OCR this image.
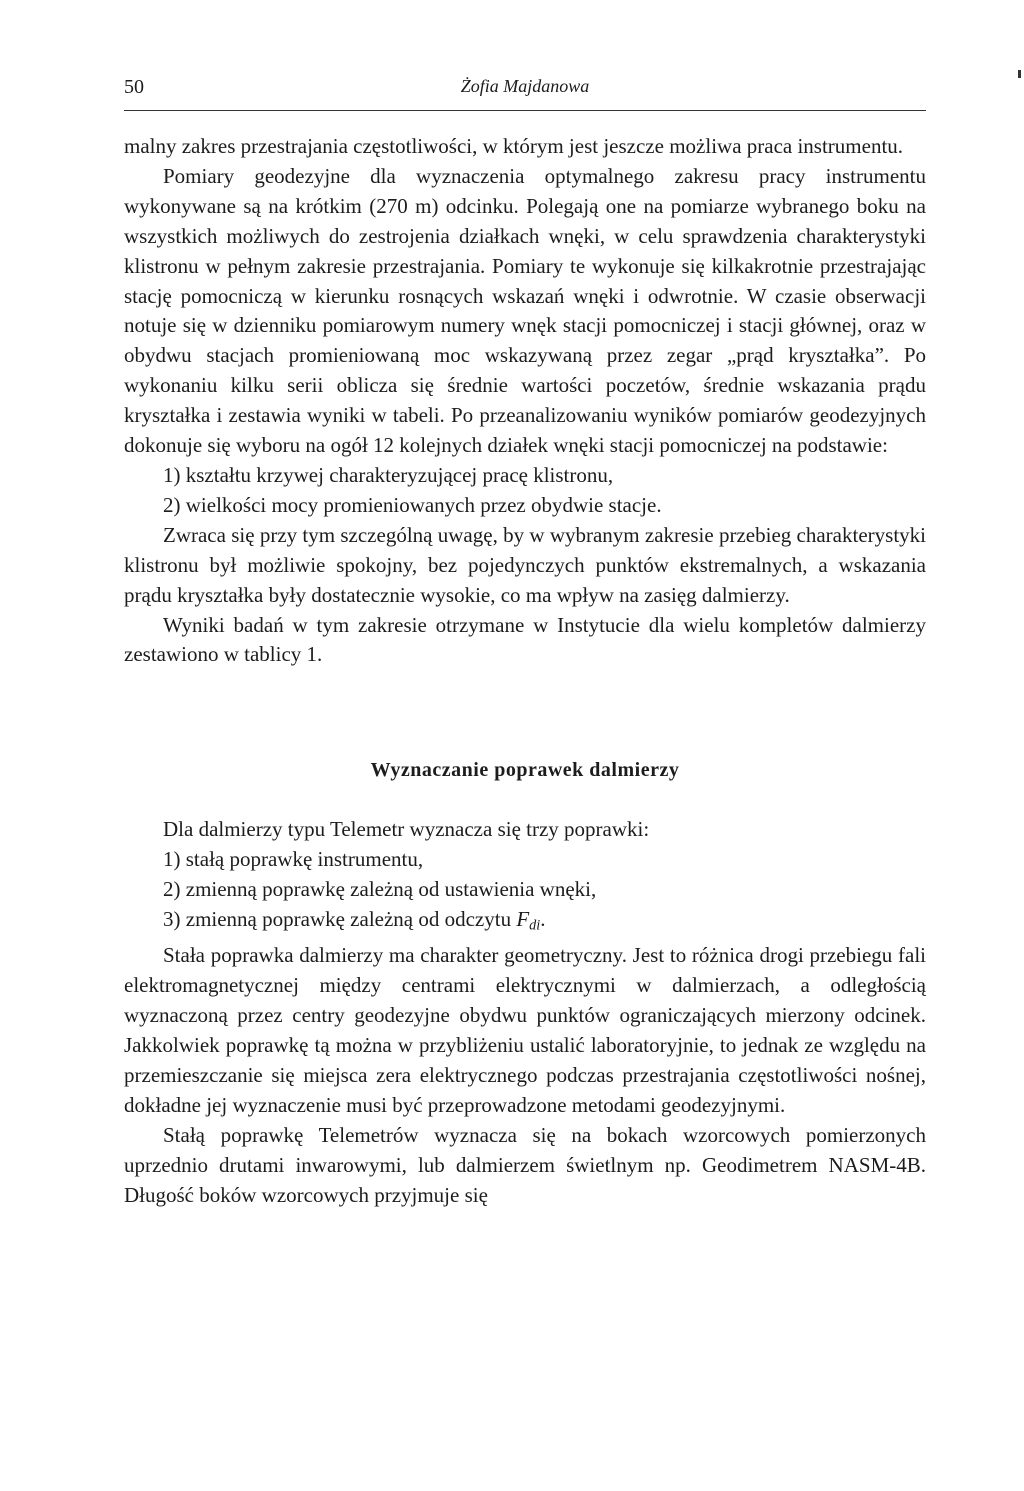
50	Żofia Majdanowa

malny zakres przestrajania częstotliwości, w którym jest jeszcze możliwa praca instrumentu.

Pomiary geodezyjne dla wyznaczenia optymalnego zakresu pracy instrumentu wykonywane są na krótkim (270 m) odcinku. Polegają one na pomiarze wybranego boku na wszystkich możliwych do zestrojenia działkach wnęki, w celu sprawdzenia charakterystyki klistronu w pełnym zakresie przestrajania. Pomiary te wykonuje się kilkakrotnie przestrajając stację pomocniczą w kierunku rosnących wskazań wnęki i odwrotnie. W czasie obserwacji notuje się w dzienniku pomiarowym numery wnęk stacji pomocniczej i stacji głównej, oraz w obydwu stacjach promieniowaną moc wskazywaną przez zegar „prąd kryształka”. Po wykonaniu kilku serii oblicza się średnie wartości poczetów, średnie wskazania prądu kryształka i zestawia wyniki w tabeli. Po przeanalizowaniu wyników pomiarów geodezyjnych dokonuje się wyboru na ogół 12 kolejnych działek wnęki stacji pomocniczej na podstawie:

1) kształtu krzywej charakteryzującej pracę klistronu,

2) wielkości mocy promieniowanych przez obydwie stacje.

Zwraca się przy tym szczególną uwagę, by w wybranym zakresie przebieg charakterystyki klistronu był możliwie spokojny, bez pojedynczych punktów ekstremalnych, a wskazania prądu kryształka były dostatecznie wysokie, co ma wpływ na zasięg dalmierzy.

Wyniki badań w tym zakresie otrzymane w Instytucie dla wielu kompletów dalmierzy zestawiono w tablicy 1.

Wyznaczanie poprawek dalmierzy

Dla dalmierzy typu Telemetr wyznacza się trzy poprawki:

1) stałą poprawkę instrumentu,

2) zmienną poprawkę zależną od ustawienia wnęki,

3) zmienną poprawkę zależną od odczytu $F_{di}$.

Stała poprawka dalmierzy ma charakter geometryczny. Jest to różnica drogi przebiegu fali elektromagnetycznej między centrami elektrycznymi w dalmierzach, a odległością wyznaczoną przez centry geodezyjne obydwu punktów ograniczających mierzony odcinek. Jakkolwiek poprawkę tą można w przybliżeniu ustalić laboratoryjnie, to jednak ze względu na przemieszczanie się miejsca zera elektrycznego podczas przestrajania częstotliwości nośnej, dokładne jej wyznaczenie musi być przeprowadzone metodami geodezyjnymi.

Stałą poprawkę Telemetrów wyznacza się na bokach wzorcowych pomierzonych uprzednio drutami inwarowymi, lub dalmierzem świetlnym np. Geodimetrem NASM-4B. Długość boków wzorcowych przyjmuje się
